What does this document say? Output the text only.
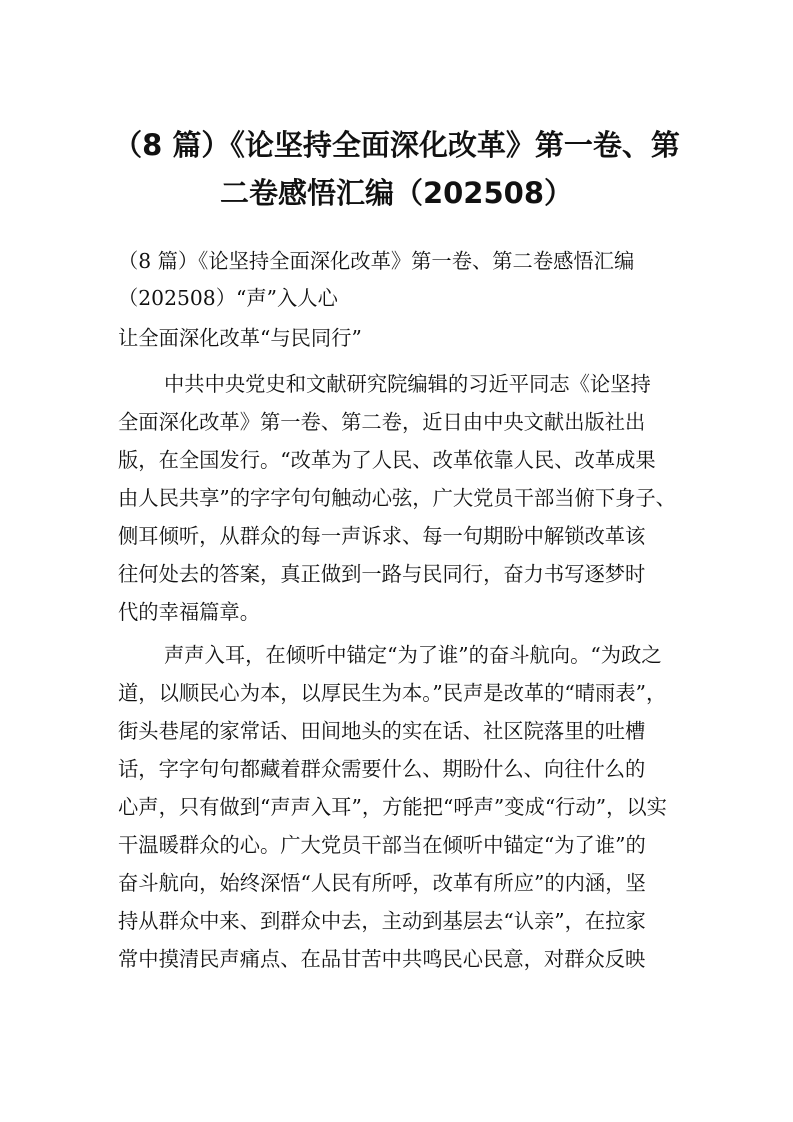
（8 篇）《论坚持全面深化改革》第一卷、第
二卷感悟汇编（202508）

（8 篇）《论坚持全面深化改革》第一卷、第二卷感悟汇编

（202508）“声”入人心

让全面深化改革“与民同行”

中共中央党史和文献研究院编辑的习近平同志《论坚持

全面深化改革》第一卷、第二卷，近日由中央文献出版社出

版，在全国发行。“改革为了人民、改革依靠人民、改革成果

由人民共享”的字字句句触动心弦，广大党员干部当俯下身子、

侧耳倾听，从群众的每一声诉求、每一句期盼中解锁改革该

往何处去的答案，真正做到一路与民同行，奋力书写逐梦时

代的幸福篇章。

声声入耳，在倾听中锚定“为了谁”的奋斗航向。“为政之

道，以顺民心为本，以厚民生为本。”民声是改革的“晴雨表”，

街头巷尾的家常话、田间地头的实在话、社区院落里的吐槽

话，字字句句都藏着群众需要什么、期盼什么、向往什么的

心声，只有做到“声声入耳”，方能把“呼声”变成“行动”，以实

干温暖群众的心。广大党员干部当在倾听中锚定“为了谁”的

奋斗航向，始终深悟“人民有所呼，改革有所应”的内涵，坚

持从群众中来、到群众中去，主动到基层去“认亲”，在拉家

常中摸清民声痛点、在品甘苦中共鸣民心民意，对群众反映
